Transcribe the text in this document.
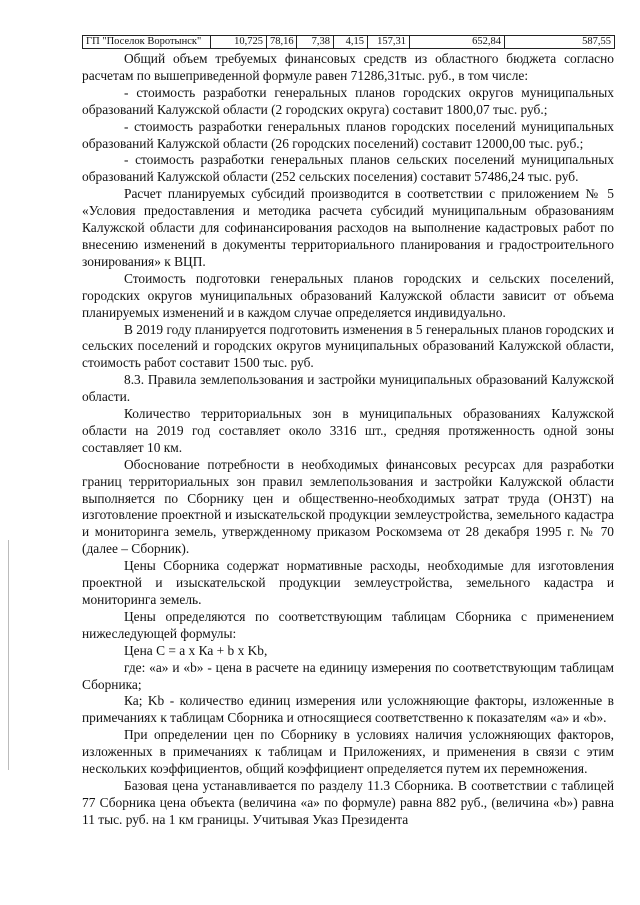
ГП "Поселок Воротынск"	10,725	78,16	7,38	4,15	157,31	652,84	587,55

Общий объем требуемых финансовых средств из областного бюджета согласно расчетам по вышеприведенной формуле равен 71286,31тыс. руб., в том числе:

- стоимость разработки генеральных планов городских округов муниципальных образований Калужской области (2 городских округа) составит 1800,07 тыс. руб.;

- стоимость разработки генеральных планов городских поселений муниципальных образований Калужской области (26 городских поселений) составит 12000,00 тыс. руб.;

- стоимость разработки генеральных планов сельских поселений муниципальных образований Калужской области (252 сельских поселения) составит 57486,24 тыс. руб.

Расчет планируемых субсидий производится в соответствии с приложением № 5 «Условия предоставления и методика расчета субсидий муниципальным образованиям Калужской области для софинансирования расходов на выполнение кадастровых работ по внесению изменений в документы территориального планирования и градостроительного зонирования» к ВЦП.

Стоимость подготовки генеральных планов городских и сельских поселений, городских округов муниципальных образований Калужской области зависит от объема планируемых изменений и в каждом случае определяется индивидуально.

В 2019 году планируется подготовить изменения в 5 генеральных планов городских и сельских поселений и городских округов муниципальных образований Калужской области, стоимость работ составит 1500 тыс. руб.

8.3. Правила землепользования и застройки муниципальных образований Калужской области.

Количество территориальных зон в муниципальных образованиях Калужской области на 2019 год составляет около 3316 шт., средняя протяженность одной зоны составляет 10 км.

Обоснование потребности в необходимых финансовых ресурсах для разработки границ территориальных зон правил землепользования и застройки Калужской области выполняется по Сборнику цен и общественно-необходимых затрат труда (ОНЗТ) на изготовление проектной и изыскательской продукции землеустройства, земельного кадастра и мониторинга земель, утвержденному приказом Роскомзема от 28 декабря 1995 г. № 70 (далее – Сборник).

Цены Сборника содержат нормативные расходы, необходимые для изготовления проектной и изыскательской продукции землеустройства, земельного кадастра и мониторинга земель.

Цены определяются по соответствующим таблицам Сборника с применением нижеследующей формулы:

Цена С = а х Ка + b х Kb,

где: «а» и «b» - цена в расчете на единицу измерения по соответствующим таблицам Сборника;

Ка; Kb - количество единиц измерения или усложняющие факторы, изложенные в примечаниях к таблицам Сборника и относящиеся соответственно к показателям «а» и «b».

При определении цен по Сборнику в условиях наличия усложняющих факторов, изложенных в примечаниях к таблицам и Приложениях, и применения в связи с этим нескольких коэффициентов, общий коэффициент определяется путем их перемножения.

Базовая цена устанавливается по разделу 11.3 Сборника. В соответствии с таблицей 77 Сборника цена объекта (величина «а» по формуле) равна 882 руб., (величина «b») равна 11 тыс. руб. на 1 км границы. Учитывая Указ Президента
